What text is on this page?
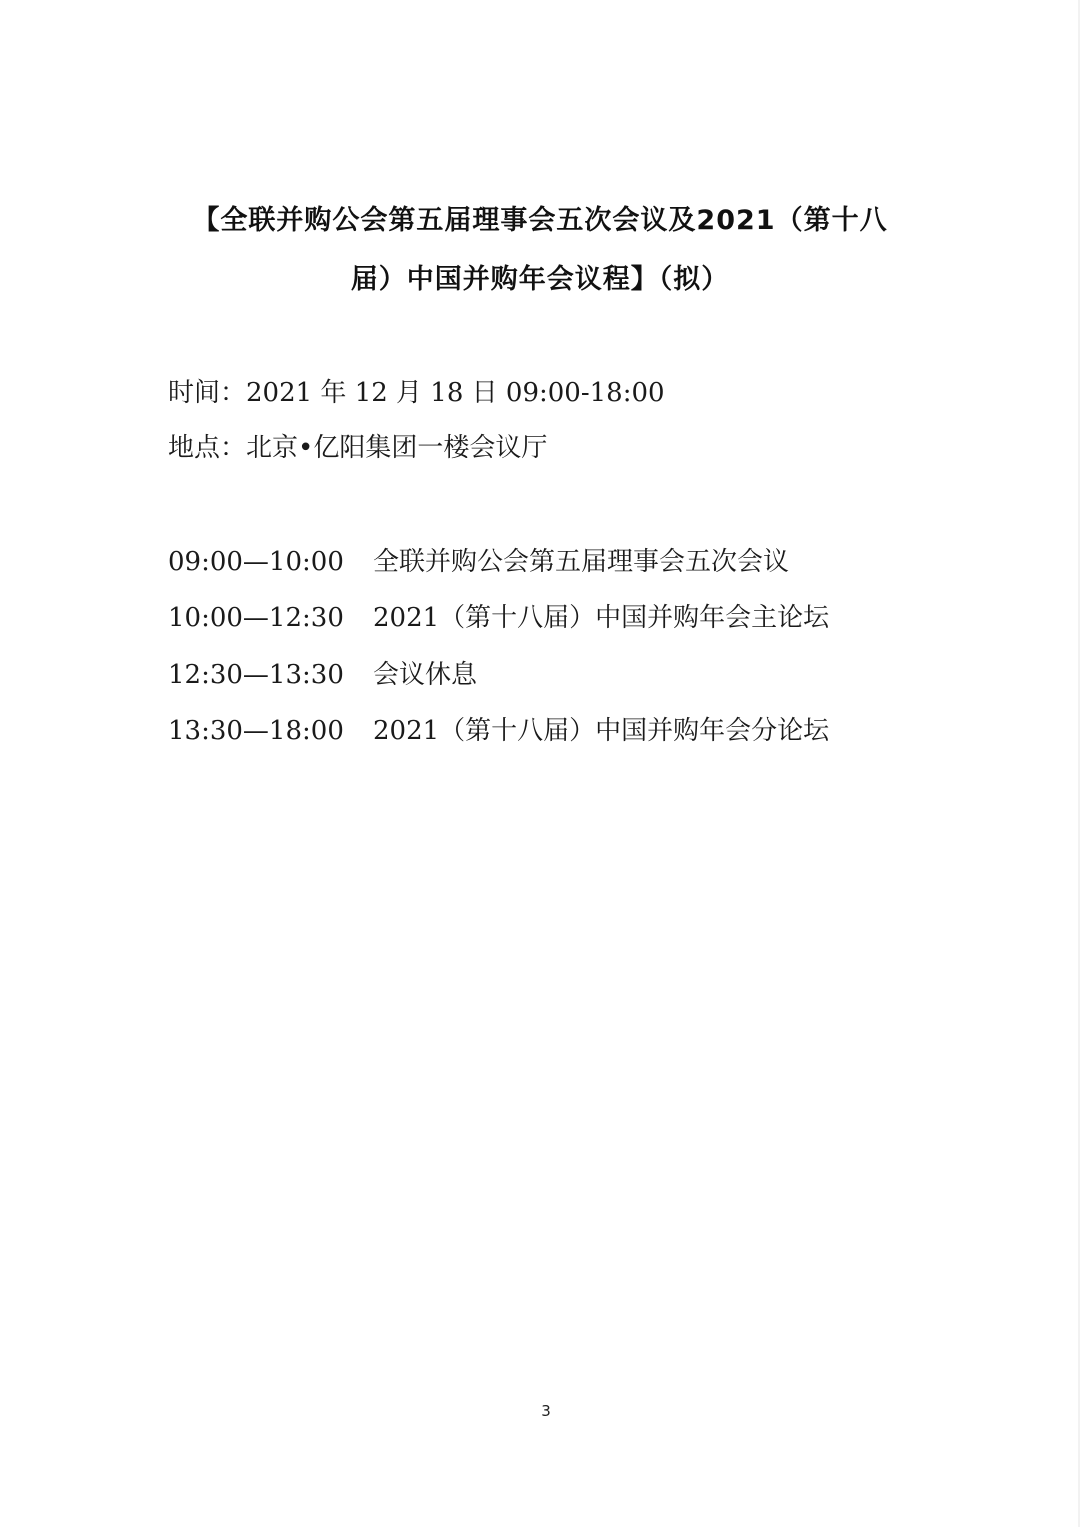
【全联并购公会第五届理事会五次会议及2021（第十八
届）中国并购年会议程】（拟）
时间：2021 年 12 月 18 日 09:00-18:00
地点：北京•亿阳集团一楼会议厅
09:00—10:00 全联并购公会第五届理事会五次会议
10:00—12:30 2021（第十八届）中国并购年会主论坛
12:30—13:30 会议休息
13:30—18:00 2021（第十八届）中国并购年会分论坛
3
